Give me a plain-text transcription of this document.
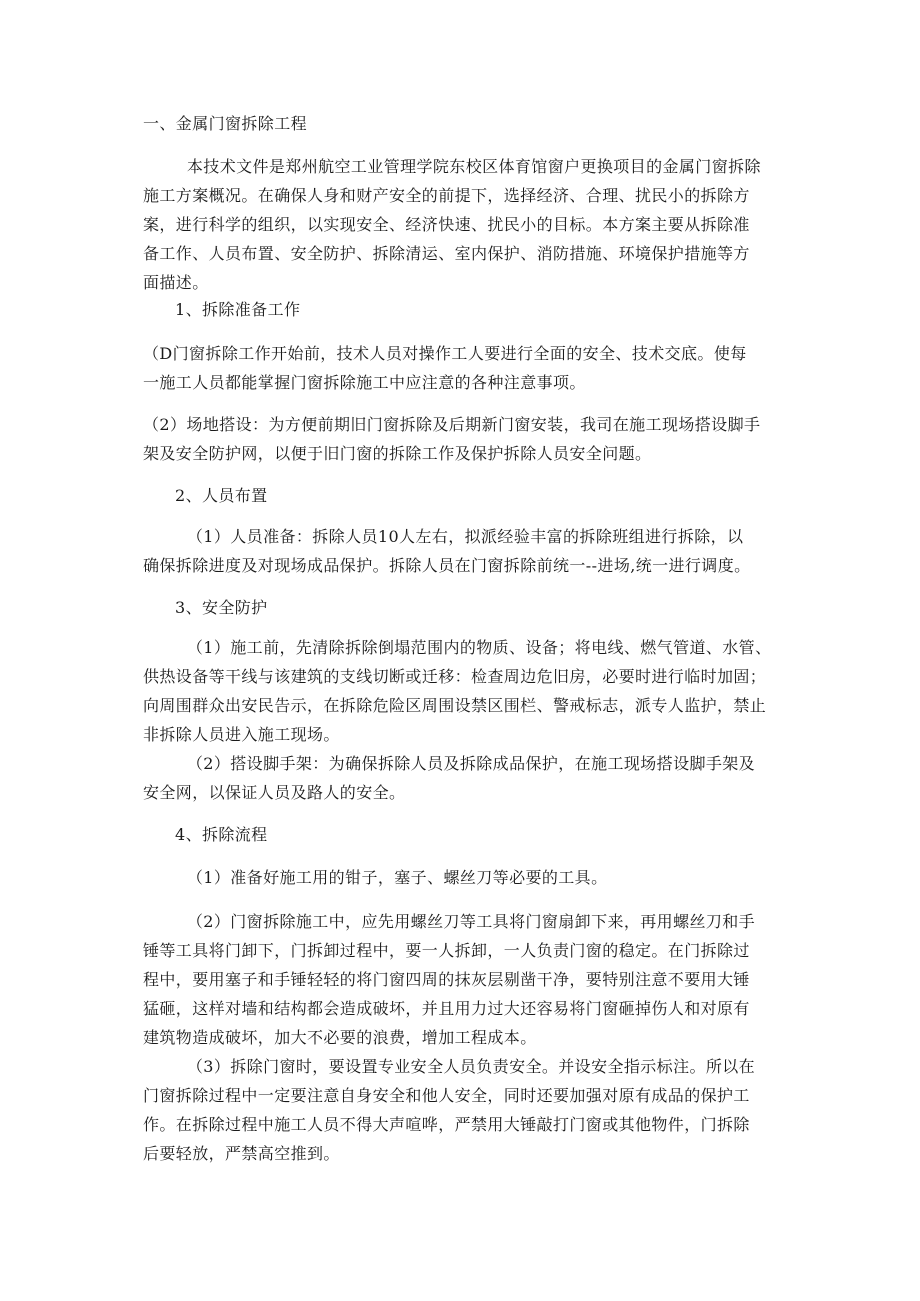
一、金属门窗拆除工程

本技术文件是郑州航空工业管理学院东校区体育馆窗户更换项目的金属门窗拆除
施工方案概况。在确保人身和财产安全的前提下，选择经济、合理、扰民小的拆除方
案，进行科学的组织，以实现安全、经济快速、扰民小的目标。本方案主要从拆除准
备工作、人员布置、安全防护、拆除清运、室内保护、消防措施、环境保护措施等方
面描述。

1、拆除准备工作

（D门窗拆除工作开始前，技术人员对操作工人要进行全面的安全、技术交底。使每
一施工人员都能掌握门窗拆除施工中应注意的各种注意事项。

（2）场地搭设：为方便前期旧门窗拆除及后期新门窗安装，我司在施工现场搭设脚手
架及安全防护网，以便于旧门窗的拆除工作及保护拆除人员安全问题。

2、人员布置

（1）人员准备：拆除人员10人左右，拟派经验丰富的拆除班组进行拆除，以
确保拆除进度及对现场成品保护。拆除人员在门窗拆除前统一--进场,统一进行调度。

3、安全防护

（1）施工前，先清除拆除倒塌范围内的物质、设备；将电线、燃气管道、水管、
供热设备等干线与该建筑的支线切断或迁移：检查周边危旧房，必要时进行临时加固；
向周围群众出安民告示，在拆除危险区周围设禁区围栏、警戒标志，派专人监护，禁止
非拆除人员进入施工现场。

（2）搭设脚手架：为确保拆除人员及拆除成品保护，在施工现场搭设脚手架及
安全网，以保证人员及路人的安全。

4、拆除流程

（1）准备好施工用的钳子，塞子、螺丝刀等必要的工具。

（2）门窗拆除施工中，应先用螺丝刀等工具将门窗扇卸下来，再用螺丝刀和手
锤等工具将门卸下，门拆卸过程中，要一人拆卸，一人负责门窗的稳定。在门拆除过
程中，要用塞子和手锤轻轻的将门窗四周的抹灰层剔凿干净，要特别注意不要用大锤
猛砸，这样对墙和结构都会造成破坏，并且用力过大还容易将门窗砸掉伤人和对原有
建筑物造成破坏，加大不必要的浪费，增加工程成本。

（3）拆除门窗时，要设置专业安全人员负责安全。并设安全指示标注。所以在
门窗拆除过程中一定要注意自身安全和他人安全，同时还要加强对原有成品的保护工
作。在拆除过程中施工人员不得大声喧哗，严禁用大锤敲打门窗或其他物件，门拆除
后要轻放，严禁高空推到。
